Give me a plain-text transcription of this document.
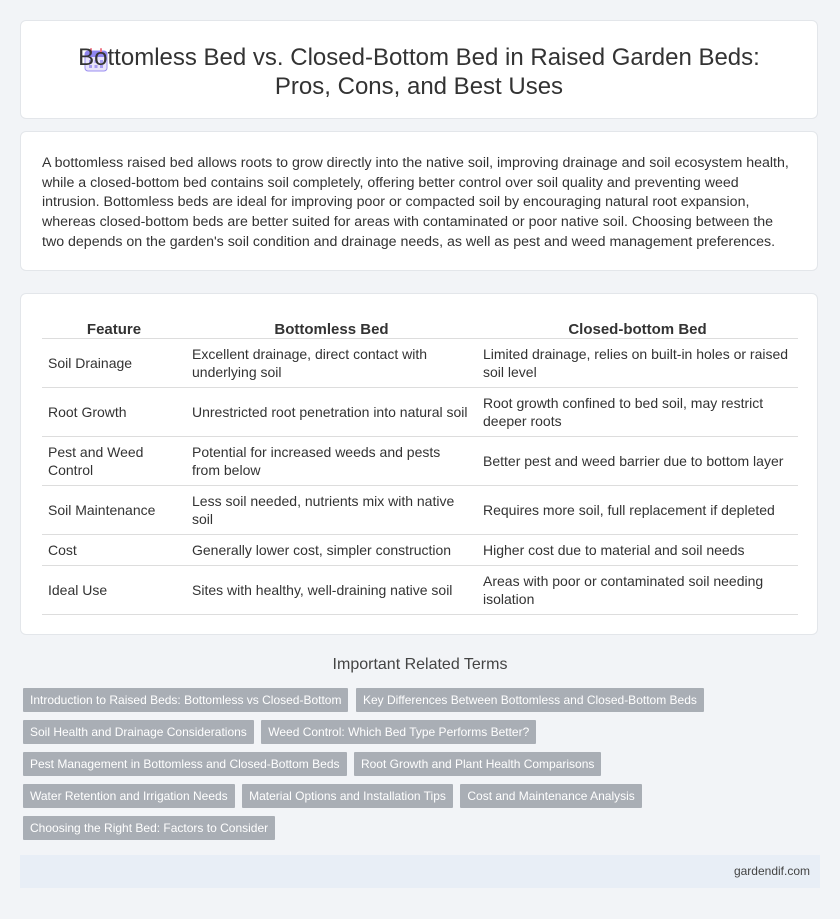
Bottomless Bed vs. Closed-Bottom Bed in Raised Garden Beds:
Pros, Cons, and Best Uses
A bottomless raised bed allows roots to grow directly into the native soil, improving drainage and soil ecosystem health, while a closed-bottom bed contains soil completely, offering better control over soil quality and preventing weed intrusion. Bottomless beds are ideal for improving poor or compacted soil by encouraging natural root expansion, whereas closed-bottom beds are better suited for areas with contaminated or poor native soil. Choosing between the two depends on the garden's soil condition and drainage needs, as well as pest and weed management preferences.
Feature	Bottomless Bed	Closed-bottom Bed
Soil Drainage	Excellent drainage, direct contact with underlying soil	Limited drainage, relies on built-in holes or raised soil level
Root Growth	Unrestricted root penetration into natural soil	Root growth confined to bed soil, may restrict deeper roots
Pest and Weed Control	Potential for increased weeds and pests from below	Better pest and weed barrier due to bottom layer
Soil Maintenance	Less soil needed, nutrients mix with native soil	Requires more soil, full replacement if depleted
Cost	Generally lower cost, simpler construction	Higher cost due to material and soil needs
Ideal Use	Sites with healthy, well-draining native soil	Areas with poor or contaminated soil needing isolation
Important Related Terms
Introduction to Raised Beds: Bottomless vs Closed-Bottom Key Differences Between Bottomless and Closed-Bottom Beds
Soil Health and Drainage Considerations Weed Control: Which Bed Type Performs Better?
Pest Management in Bottomless and Closed-Bottom Beds Root Growth and Plant Health Comparisons
Water Retention and Irrigation Needs Material Options and Installation Tips Cost and Maintenance Analysis
Choosing the Right Bed: Factors to Consider
gardendif.com
